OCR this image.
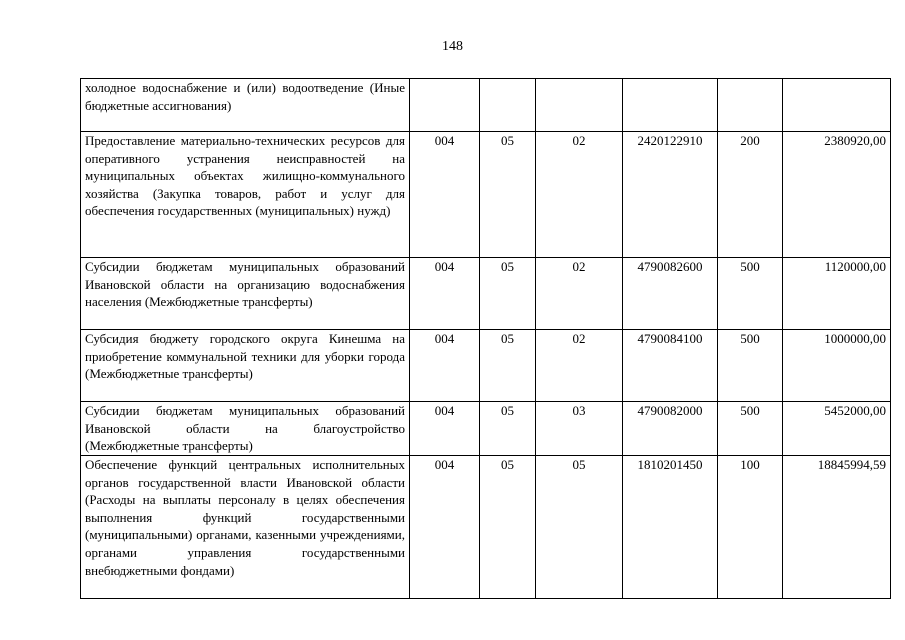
148
холодное водоснабжение и (или) водоотведение (Иные бюджетные ассигнования)						
Предоставление материально-технических ресурсов для оперативного устранения неисправностей на муниципальных объектах жилищно-коммунального хозяйства (Закупка товаров, работ и услуг для обеспечения государственных (муниципальных) нужд)	004	05	02	2420122910	200	2380920,00
Субсидии бюджетам муниципальных образований Ивановской области на организацию водоснабжения населения (Межбюджетные трансферты)	004	05	02	4790082600	500	1120000,00
Субсидия бюджету городского округа Кинешма на приобретение коммунальной техники для уборки города (Межбюджетные трансферты)	004	05	02	4790084100	500	1000000,00
Субсидии бюджетам муниципальных образований Ивановской области на благоустройство (Межбюджетные трансферты)	004	05	03	4790082000	500	5452000,00
Обеспечение функций центральных исполнительных органов государственной власти Ивановской области (Расходы на выплаты персоналу в целях обеспечения выполнения функций государственными (муниципальными) органами, казенными учреждениями, органами управления государственными внебюджетными фондами)	004	05	05	1810201450	100	18845994,59
